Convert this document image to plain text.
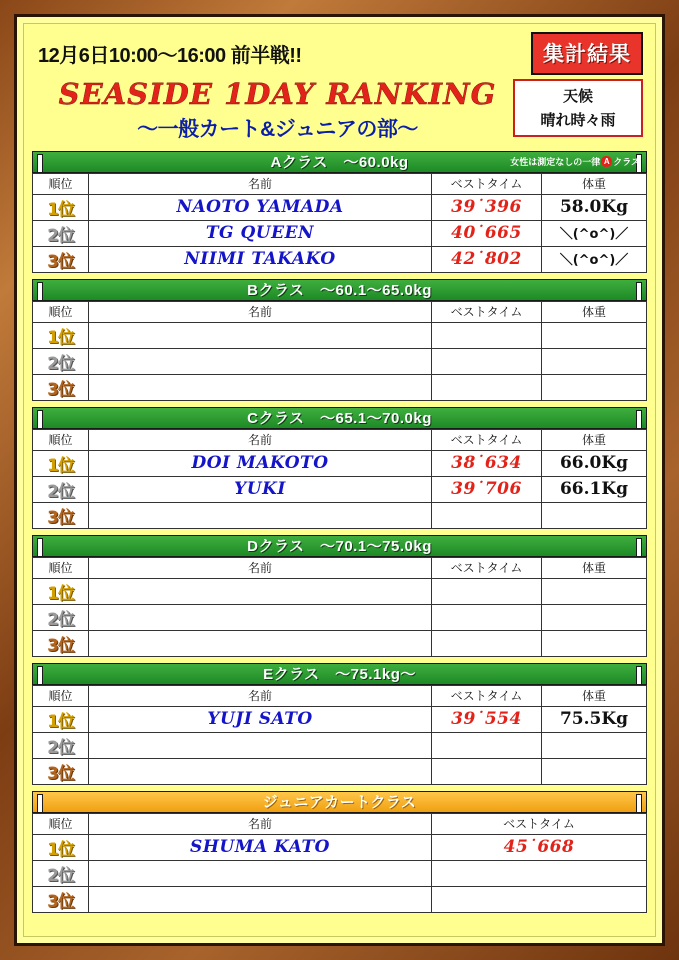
12月6日10:00〜16:00 前半戦!!	集計結果
SEASIDE 1DAY RANKING
〜一般カート&ジュニアの部〜
天候
晴れ時々雨
Aクラス　〜60.0kg	女性は測定なしの一律 A クラス
順位	名前	ベストタイム	体重
1位	NAOTO YAMADA	39˙396	58.0Kg
2位	TG QUEEN	40˙665	＼(^o^)／
3位	NIIMI TAKAKO	42˙802	＼(^o^)／
Bクラス　〜60.1〜65.0kg
順位	名前	ベストタイム	体重
1位			
2位			
3位			
Cクラス　〜65.1〜70.0kg
順位	名前	ベストタイム	体重
1位	DOI MAKOTO	38˙634	66.0Kg
2位	YUKI	39˙706	66.1Kg
3位			
Dクラス　〜70.1〜75.0kg
順位	名前	ベストタイム	体重
1位			
2位			
3位			
Eクラス　〜75.1kg〜
順位	名前	ベストタイム	体重
1位	YUJI SATO	39˙554	75.5Kg
2位			
3位			
ジュニアカートクラス
順位	名前	ベストタイム
1位	SHUMA KATO	45˙668
2位		
3位		
